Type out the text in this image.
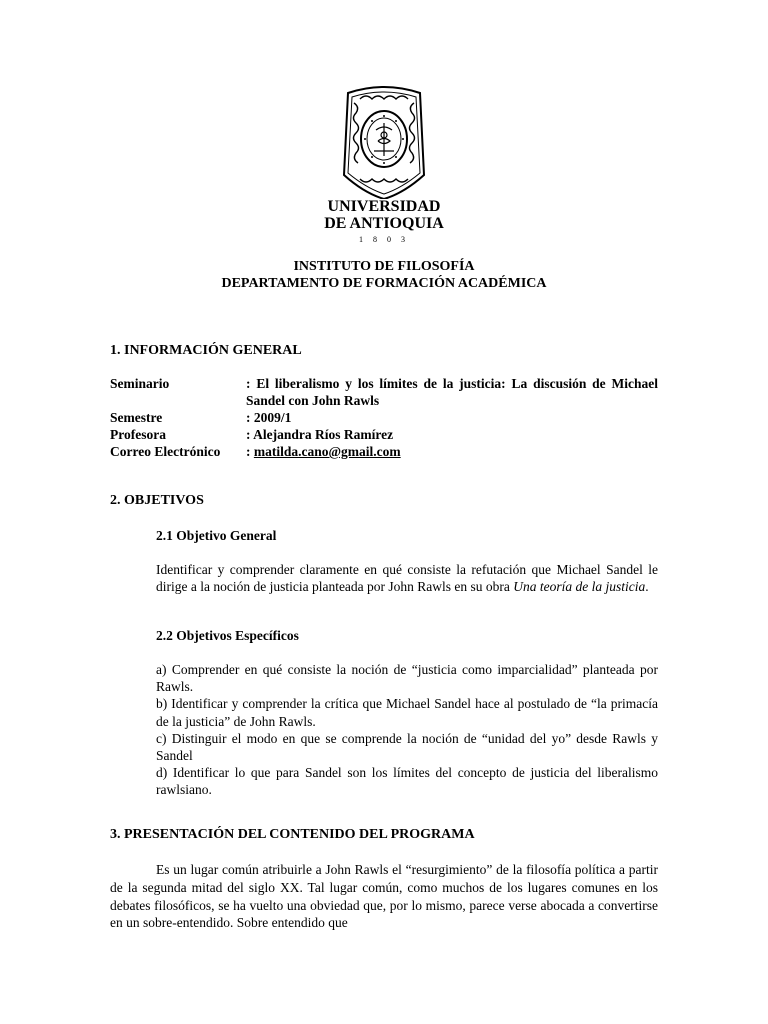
UNIVERSIDAD
DE ANTIOQUIA
1 8 0 3
INSTITUTO DE FILOSOFÍA
DEPARTAMENTO DE FORMACIÓN ACADÉMICA
1. INFORMACIÓN GENERAL
Seminario	: El liberalismo y los límites de la justicia: La discusión de Michael Sandel con John Rawls
Semestre	: 2009/1
Profesora	: Alejandra Ríos Ramírez
Correo Electrónico	: matilda.cano@gmail.com
2. OBJETIVOS
2.1 Objetivo General
Identificar y comprender claramente en qué consiste la refutación que Michael Sandel le dirige a la noción de justicia planteada por John Rawls en su obra Una teoría de la justicia.
2.2 Objetivos Específicos

a) Comprender en qué consiste la noción de “justicia como imparcialidad” planteada por Rawls.

b) Identificar y comprender la crítica que Michael Sandel hace al postulado de “la primacía de la justicia” de John Rawls.

c) Distinguir el modo en que se comprende la noción de “unidad del yo” desde Rawls y Sandel

d) Identificar lo que para Sandel son los límites del concepto de justicia del liberalismo rawlsiano.

3. PRESENTACIÓN DEL CONTENIDO DEL PROGRAMA
Es un lugar común atribuirle a John Rawls el “resurgimiento” de la filosofía política a partir de la segunda mitad del siglo XX. Tal lugar común, como muchos de los lugares comunes en los debates filosóficos, se ha vuelto una obviedad que, por lo mismo, parece verse abocada a convertirse en un sobre-entendido. Sobre entendido que
